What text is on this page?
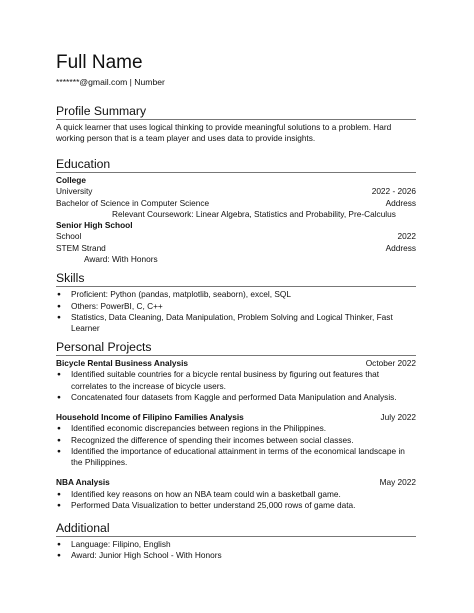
Full Name
*******@gmail.com | Number
Profile Summary
A quick learner that uses logical thinking to provide meaningful solutions to a problem. Hard working person that is a team player and uses data to provide insights.
Education
College
University	2022 - 2026
Bachelor of Science in Computer Science	Address
Relevant Coursework: Linear Algebra, Statistics and Probability, Pre-Calculus
Senior High School
School	2022
STEM Strand	Address
Award: With Honors
Skills
● Proficient: Python (pandas, matplotlib, seaborn), excel, SQL
● Others: PowerBI, C, C++
● Statistics, Data Cleaning, Data Manipulation, Problem Solving and Logical Thinker, Fast Learner
Personal Projects
Bicycle Rental Business Analysis	October 2022
● Identified suitable countries for a bicycle rental business by figuring out features that correlates to the increase of bicycle users.
● Concatenated four datasets from Kaggle and performed Data Manipulation and Analysis.
Household Income of Filipino Families Analysis	July 2022
● Identified economic discrepancies between regions in the Philippines.
● Recognized the difference of spending their incomes between social classes.
● Identified the importance of educational attainment in terms of the economical landscape in the Philippines.
NBA Analysis	May 2022
● Identified key reasons on how an NBA team could win a basketball game.
● Performed Data Visualization to better understand 25,000 rows of game data.
Additional
● Language: Filipino, English
● Award: Junior High School - With Honors
